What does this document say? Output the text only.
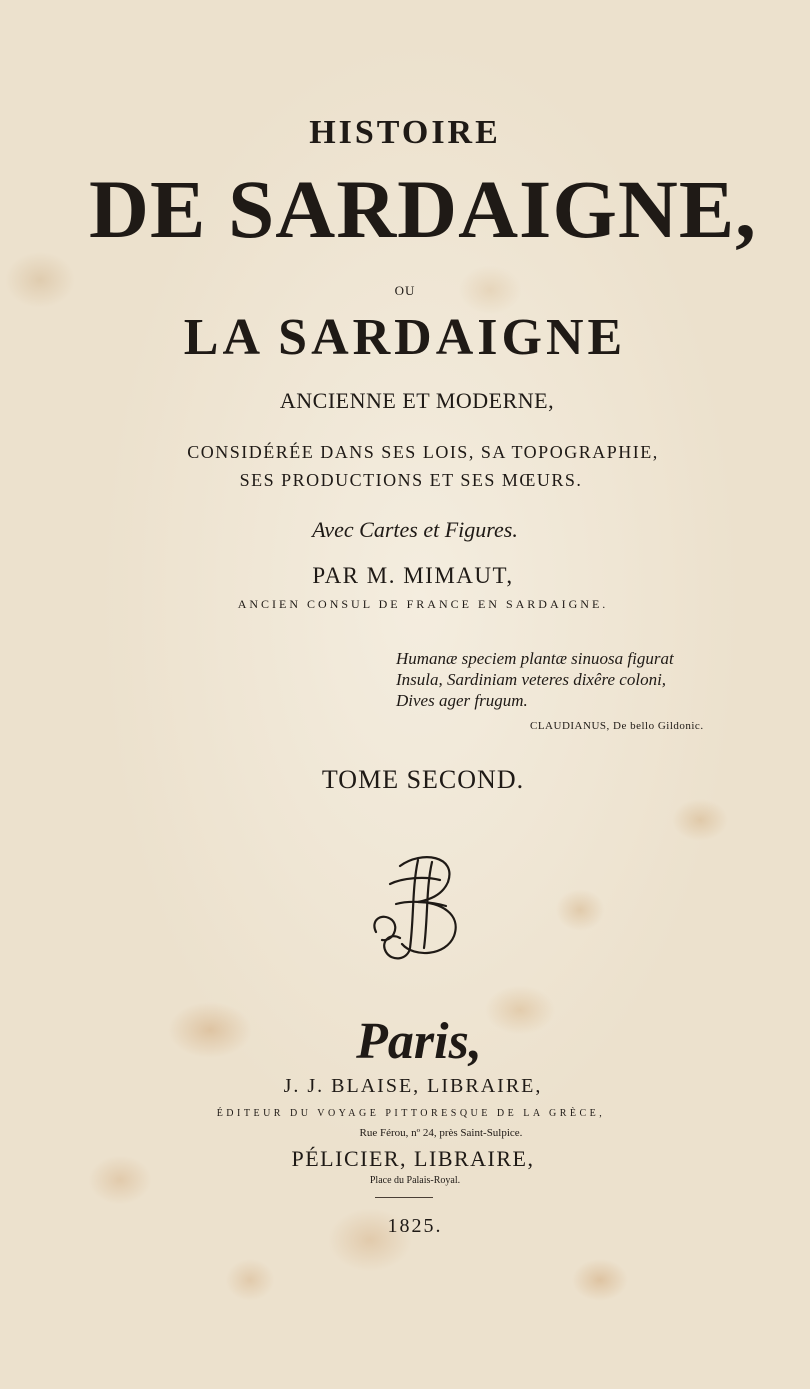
HISTOIRE

DE SARDAIGNE,

OU

LA SARDAIGNE

ANCIENNE ET MODERNE,

CONSIDÉRÉE DANS SES LOIS, SA TOPOGRAPHIE,

SES PRODUCTIONS ET SES MŒURS.

Avec Cartes et Figures.

PAR M. MIMAUT,

ANCIEN CONSUL DE FRANCE EN SARDAIGNE.

Humanæ speciem plantæ sinuosa figurat
Insula, Sardiniam veteres dixêre coloni,
Dives ager frugum.
CLAUDIANUS, De bello Gildonic.

TOME SECOND.

Paris,

J. J. BLAISE, LIBRAIRE,

ÉDITEUR DU VOYAGE PITTORESQUE DE LA GRÈCE,

Rue Férou, nº 24, près Saint-Sulpice.

PÉLICIER, LIBRAIRE,

Place du Palais-Royal.

1825.
